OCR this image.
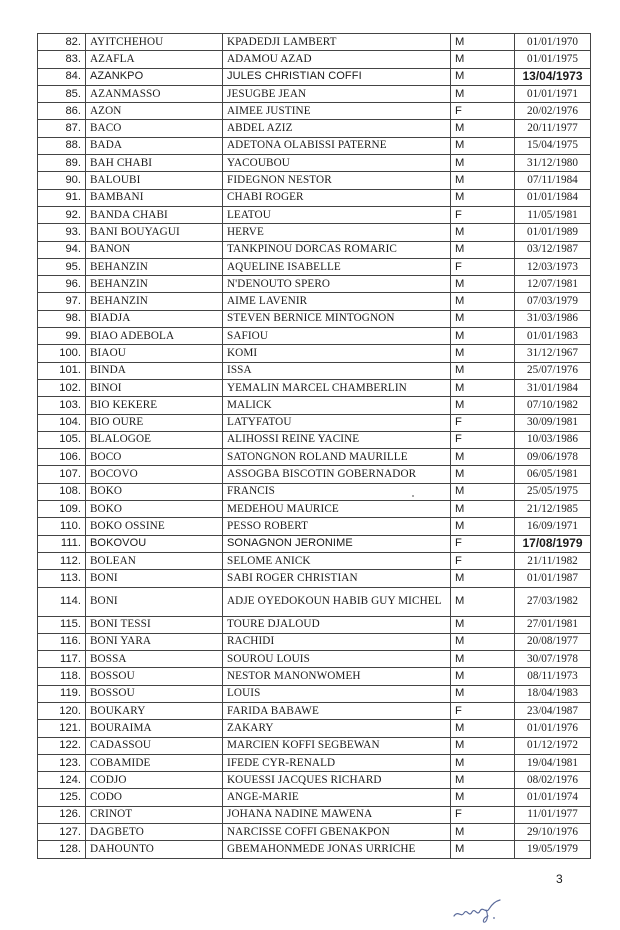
82.	AYITCHEHOU	KPADEDJI LAMBERT	M	01/01/1970
83.	AZAFLA	ADAMOU AZAD	M	01/01/1975
84.	AZANKPO	JULES CHRISTIAN COFFI	M	13/04/1973
85.	AZANMASSO	JESUGBE JEAN	M	01/01/1971
86.	AZON	AIMEE JUSTINE	F	20/02/1976
87.	BACO	ABDEL AZIZ	M	20/11/1977
88.	BADA	ADETONA OLABISSI PATERNE	M	15/04/1975
89.	BAH CHABI	YACOUBOU	M	31/12/1980
90.	BALOUBI	FIDEGNON NESTOR	M	07/11/1984
91.	BAMBANI	CHABI ROGER	M	01/01/1984
92.	BANDA CHABI	LEATOU	F	11/05/1981
93.	BANI BOUYAGUI	HERVE	M	01/01/1989
94.	BANON	TANKPINOU DORCAS ROMARIC	M	03/12/1987
95.	BEHANZIN	AQUELINE ISABELLE	F	12/03/1973
96.	BEHANZIN	N'DENOUTO SPERO	M	12/07/1981
97.	BEHANZIN	AIME LAVENIR	M	07/03/1979
98.	BIADJA	STEVEN BERNICE MINTOGNON	M	31/03/1986
99.	BIAO ADEBOLA	SAFIOU	M	01/01/1983
100.	BIAOU	KOMI	M	31/12/1967
101.	BINDA	ISSA	M	25/07/1976
102.	BINOI	YEMALIN MARCEL CHAMBERLIN	M	31/01/1984
103.	BIO KEKERE	MALICK	M	07/10/1982
104.	BIO OURE	LATYFATOU	F	30/09/1981
105.	BLALOGOE	ALIHOSSI REINE YACINE	F	10/03/1986
106.	BOCO	SATONGNON ROLAND MAURILLE	M	09/06/1978
107.	BOCOVO	ASSOGBA BISCOTIN GOBERNADOR	M	06/05/1981
108.	BOKO	FRANCIS	M	25/05/1975
109.	BOKO	MEDEHOU MAURICE	M	21/12/1985
110.	BOKO OSSINE	PESSO ROBERT	M	16/09/1971
111.	BOKOVOU	SONAGNON JERONIME	F	17/08/1979
112.	BOLEAN	SELOME ANICK	F	21/11/1982
113.	BONI	SABI ROGER CHRISTIAN	M	01/01/1987
114.	BONI	ADJE OYEDOKOUN HABIB GUY MICHEL	M	27/03/1982
115.	BONI TESSI	TOURE DJALOUD	M	27/01/1981
116.	BONI YARA	RACHIDI	M	20/08/1977
117.	BOSSA	SOUROU LOUIS	M	30/07/1978
118.	BOSSOU	NESTOR MANONWOMEH	M	08/11/1973
119.	BOSSOU	LOUIS	M	18/04/1983
120.	BOUKARY	FARIDA BABAWE	F	23/04/1987
121.	BOURAIMA	ZAKARY	M	01/01/1976
122.	CADASSOU	MARCIEN KOFFI SEGBEWAN	M	01/12/1972
123.	COBAMIDE	IFEDE CYR-RENALD	M	19/04/1981
124.	CODJO	KOUESSI JACQUES RICHARD	M	08/02/1976
125.	CODO	ANGE-MARIE	M	01/01/1974
126.	CRINOT	JOHANA NADINE MAWENA	F	11/01/1977
127.	DAGBETO	NARCISSE COFFI GBENAKPON	M	29/10/1976
128.	DAHOUNTO	GBEMAHONMEDE JONAS URRICHE	M	19/05/1979
3
